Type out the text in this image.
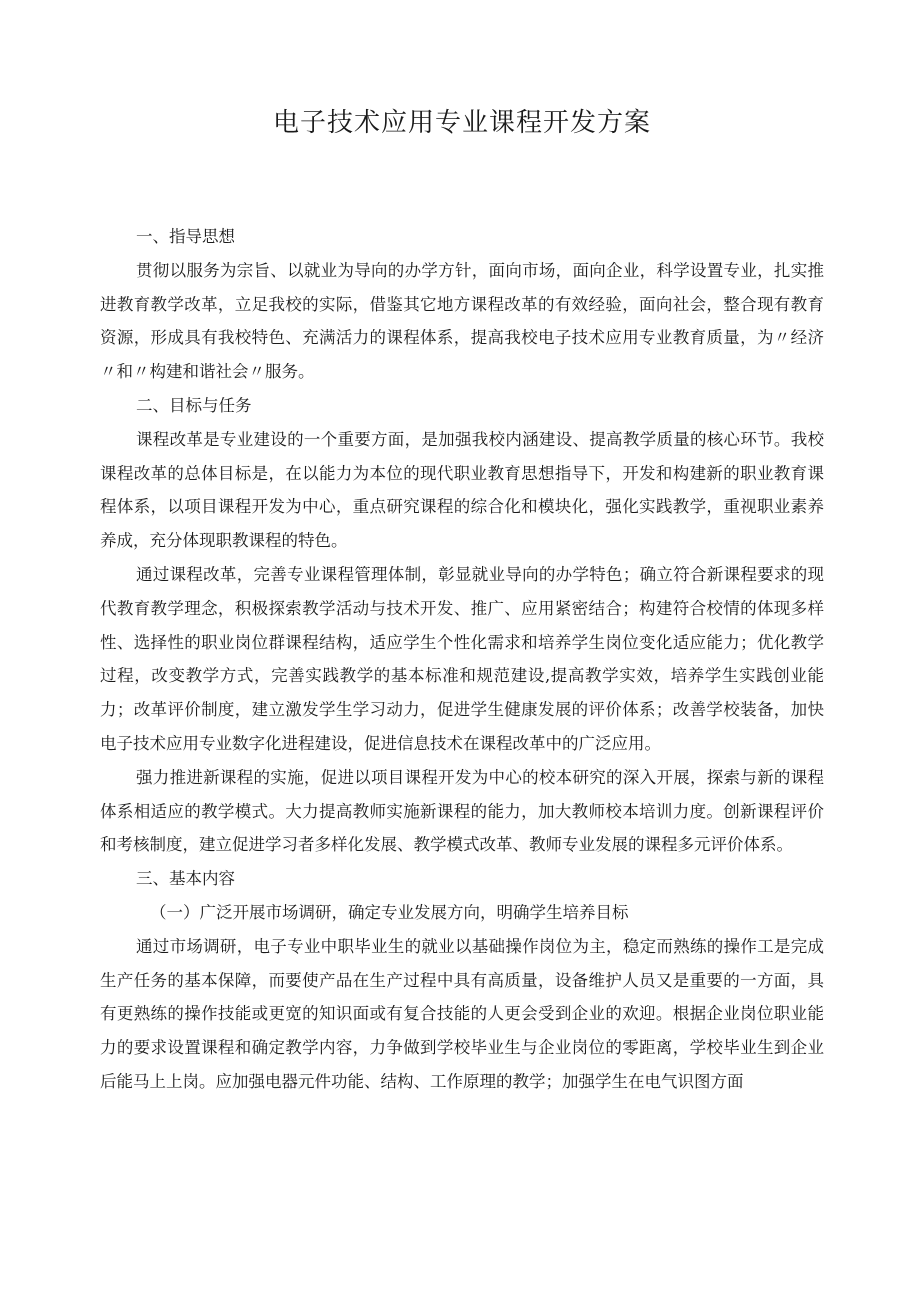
电子技术应用专业课程开发方案

一、指导思想

贯彻以服务为宗旨、以就业为导向的办学方针，面向市场，面向企业，科学设置专业，扎实推进教育教学改革，立足我校的实际，借鉴其它地方课程改革的有效经验，面向社会，整合现有教育资源，形成具有我校特色、充满活力的课程体系，提高我校电子技术应用专业教育质量，为〃经济〃和〃构建和谐社会〃服务。

二、目标与任务

课程改革是专业建设的一个重要方面，是加强我校内涵建设、提高教学质量的核心环节。我校课程改革的总体目标是，在以能力为本位的现代职业教育思想指导下，开发和构建新的职业教育课程体系，以项目课程开发为中心，重点研究课程的综合化和模块化，强化实践教学，重视职业素养养成，充分体现职教课程的特色。

通过课程改革，完善专业课程管理体制，彰显就业导向的办学特色；确立符合新课程要求的现代教育教学理念，积极探索教学活动与技术开发、推广、应用紧密结合；构建符合校情的体现多样性、选择性的职业岗位群课程结构，适应学生个性化需求和培养学生岗位变化适应能力；优化教学过程，改变教学方式，完善实践教学的基本标准和规范建设,提高教学实效，培养学生实践创业能力；改革评价制度，建立激发学生学习动力，促进学生健康发展的评价体系；改善学校装备，加快电子技术应用专业数字化进程建设，促进信息技术在课程改革中的广泛应用。

强力推进新课程的实施，促进以项目课程开发为中心的校本研究的深入开展，探索与新的课程体系相适应的教学模式。大力提高教师实施新课程的能力，加大教师校本培训力度。创新课程评价和考核制度，建立促进学习者多样化发展、教学模式改革、教师专业发展的课程多元评价体系。

三、基本内容

（一）广泛开展市场调研，确定专业发展方向，明确学生培养目标

通过市场调研，电子专业中职毕业生的就业以基础操作岗位为主，稳定而熟练的操作工是完成生产任务的基本保障，而要使产品在生产过程中具有高质量，设备维护人员又是重要的一方面，具有更熟练的操作技能或更宽的知识面或有复合技能的人更会受到企业的欢迎。根据企业岗位职业能力的要求设置课程和确定教学内容，力争做到学校毕业生与企业岗位的零距离，学校毕业生到企业后能马上上岗。应加强电器元件功能、结构、工作原理的教学；加强学生在电气识图方面
